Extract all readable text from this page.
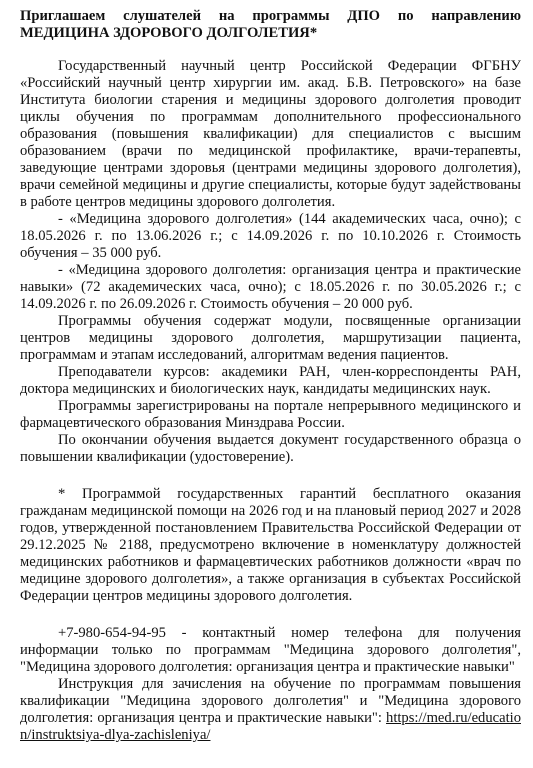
Приглашаем слушателей на программы ДПО по направлению
МЕДИЦИНА ЗДОРОВОГО ДОЛГОЛЕТИЯ*

Государственный научный центр Российской Федерации ФГБНУ «Российский научный центр хирургии им. акад. Б.В. Петровского» на базе Института биологии старения и медицины здорового долголетия проводит циклы обучения по программам дополнительного профессионального образования (повышения квалификации) для специалистов с высшим образованием (врачи по медицинской профилактике, врачи-терапевты, заведующие центрами здоровья (центрами медицины здорового долголетия), врачи семейной медицины и другие специалисты, которые будут задействованы в работе центров медицины здорового долголетия.

- «Медицина здорового долголетия» (144 академических часа, очно); с 18.05.2026 г. по 13.06.2026 г.; с 14.09.2026 г. по 10.10.2026 г. Стоимость обучения – 35 000 руб.

- «Медицина здорового долголетия: организация центра и практические навыки» (72 академических часа, очно); с 18.05.2026 г. по 30.05.2026 г.; с 14.09.2026 г. по 26.09.2026 г. Стоимость обучения – 20 000 руб.

Программы обучения содержат модули, посвященные организации центров медицины здорового долголетия, маршрутизации пациента, программам и этапам исследований, алгоритмам ведения пациентов.

Преподаватели курсов: академики РАН, член-корреспонденты РАН, доктора медицинских и биологических наук, кандидаты медицинских наук.

Программы зарегистрированы на портале непрерывного медицинского и фармацевтического образования Минздрава России.

По окончании обучения выдается документ государственного образца о повышении квалификации (удостоверение).

* Программой государственных гарантий бесплатного оказания гражданам медицинской помощи на 2026 год и на плановый период 2027 и 2028 годов, утвержденной постановлением Правительства Российской Федерации от 29.12.2025 № 2188, предусмотрено включение в номенклатуру должностей медицинских работников и фармацевтических работников должности «врач по медицине здорового долголетия», а также организация в субъектах Российской Федерации центров медицины здорового долголетия.

+7-980-654-94-95 - контактный номер телефона для получения информации только по программам "Медицина здорового долголетия", "Медицина здорового долголетия: организация центра и практические навыки"

Инструкция для зачисления на обучение по программам повышения квалификации "Медицина здорового долголетия" и "Медицина здорового долголетия: организация центра и практические навыки": https://med.ru/education/instruktsiya-dlya-zachisleniya/
